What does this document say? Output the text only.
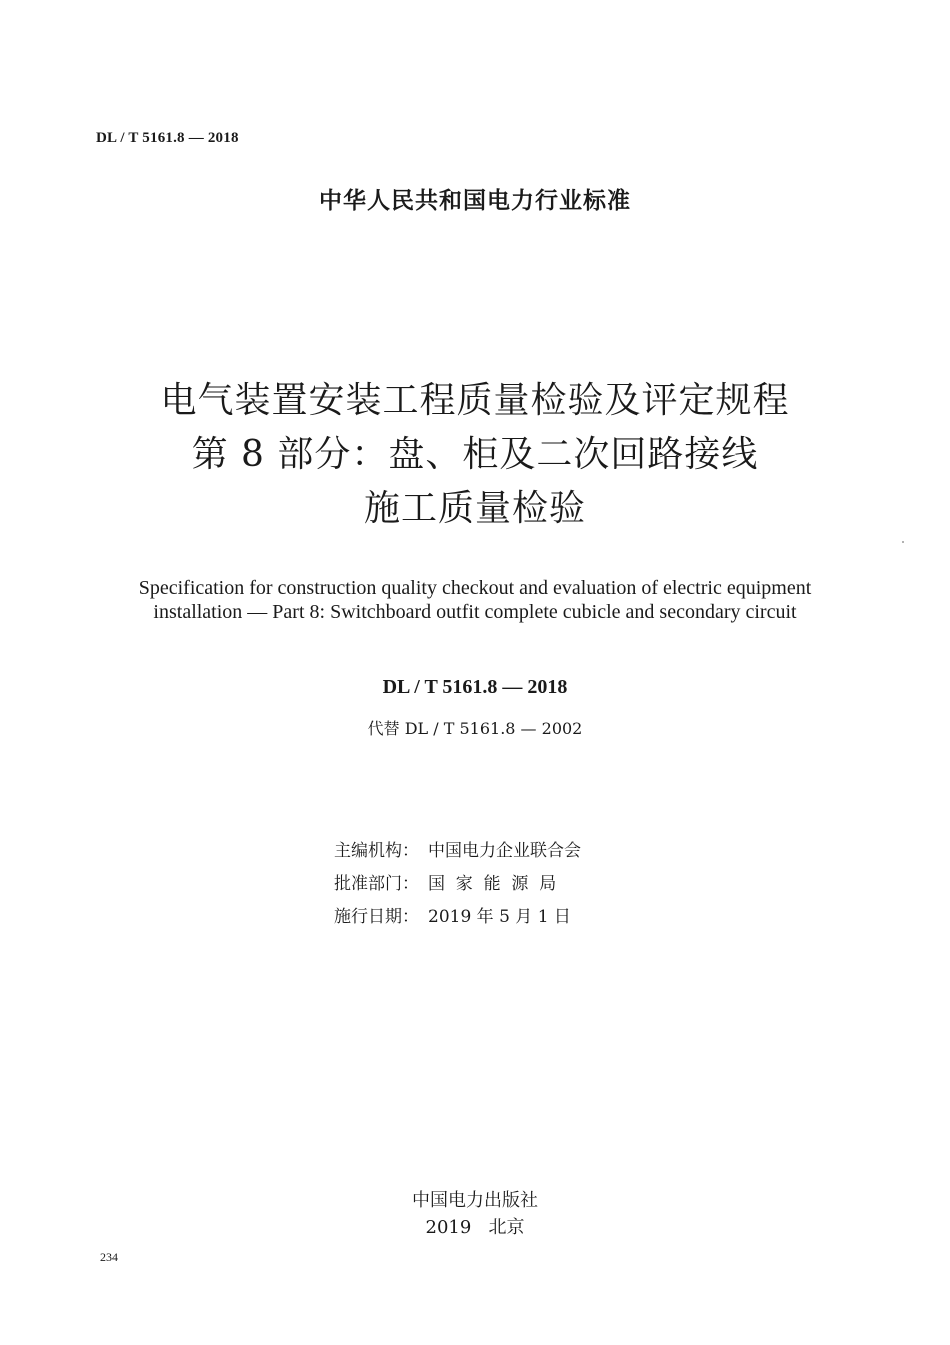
DL / T 5161.8 — 2018
中华人民共和国电力行业标准
电气装置安装工程质量检验及评定规程
第 8 部分：盘、柜及二次回路接线
施工质量检验
Specification for construction quality checkout and evaluation of electric equipment
installation — Part 8: Switchboard outfit complete cubicle and secondary circuit
DL / T 5161.8 — 2018
代替 DL / T 5161.8 — 2002
主编机构： 中国电力企业联合会
批准部门： 国  家  能  源  局
施行日期： 2019 年 5 月 1 日
中国电力出版社
2019   北京
234
